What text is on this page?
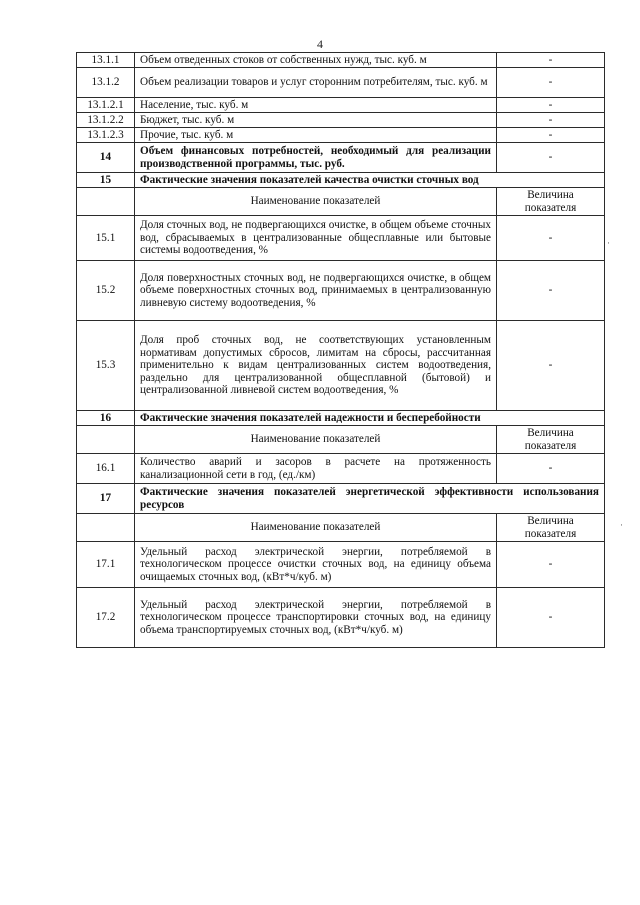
4
13.1.1	Объем отведенных стоков от собственных нужд, тыс. куб. м	-
13.1.2	Объем реализации товаров и услуг сторонним потребителям, тыс. куб. м	-
13.1.2.1	Население, тыс. куб. м	-
13.1.2.2	Бюджет, тыс. куб. м	-
13.1.2.3	Прочие, тыс. куб. м	-
14	Объем финансовых потребностей, необходимый для реализации производственной программы, тыс. руб.	-
15	Фактические значения показателей качества очистки сточных вод	
	Наименование показателей	Величина показателя
15.1	Доля сточных вод, не подвергающихся очистке, в общем объеме сточных вод, сбрасываемых в централизованные общесплавные или бытовые системы водоотведения, %	-
15.2	Доля поверхностных сточных вод, не подвергающихся очистке, в общем объеме поверхностных сточных вод, принимаемых в централизованную ливневую систему водоотведения, %	-
15.3	Доля проб сточных вод, не соответствующих установленным нормативам допустимых сбросов, лимитам на сбросы, рассчитанная применительно к видам централизованных систем водоотведения, раздельно для централизованной общесплавной (бытовой) и централизованной ливневой систем водоотведения, %	-
16	Фактические значения показателей надежности и бесперебойности	
	Наименование показателей	Величина показателя
16.1	Количество аварий и засоров в расчете на протяженность канализационной сети в год, (ед./км)	-
17	Фактические значения показателей энергетической эффективности использования ресурсов	
	Наименование показателей	Величина показателя
17.1	Удельный расход электрической энергии, потребляемой в технологическом процессе очистки сточных вод, на единицу объема очищаемых сточных вод, (кВт*ч/куб. м)	-
17.2	Удельный расход электрической энергии, потребляемой в технологическом процессе транспортировки сточных вод, на единицу объема транспортируемых сточных вод, (кВт*ч/куб. м)	-
·
·
